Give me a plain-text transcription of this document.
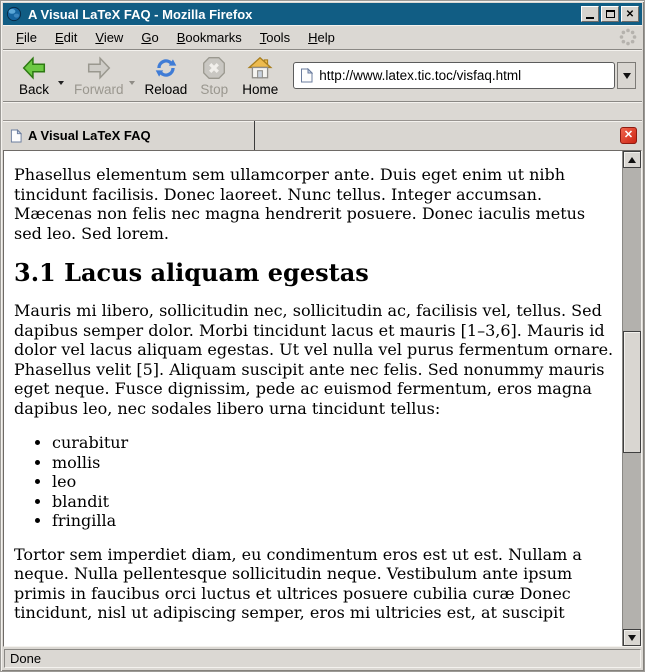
A Visual LaTeX FAQ - Mozilla Firefox	✕
File	Edit	View	Go	Bookmarks	Tools	Help
Back Forward Reload Stop Home
http://www.latex.tic.toc/visfaq.html
A Visual LaTeX FAQ	✕

Phasellus elementum sem ullamcorper ante. Duis eget enim ut nibh tincidunt facilisis. Donec laoreet. Nunc tellus. Integer accumsan. Mæcenas non felis nec magna hendrerit posuere. Donec iaculis metus sed leo. Sed lorem.

3.1 Lacus aliquam egestas

Mauris mi libero, sollicitudin nec, sollicitudin ac, facilisis vel, tellus. Sed dapibus semper dolor. Morbi tincidunt lacus et mauris [1–3,6]. Mauris id dolor vel lacus aliquam egestas. Ut vel nulla vel purus fermentum ornare. Phasellus velit [5]. Aliquam suscipit ante nec felis. Sed nonummy mauris eget neque. Fusce dignissim, pede ac euismod fermentum, eros magna dapibus leo, nec sodales libero urna tincidunt tellus:

• curabitur
• mollis
• leo
• blandit
• fringilla

Tortor sem imperdiet diam, eu condimentum eros est ut est. Nullam a neque. Nulla pellentesque sollicitudin neque. Vestibulum ante ipsum primis in faucibus orci luctus et ultrices posuere cubilia curæ Donec tincidunt, nisl ut adipiscing semper, eros mi ultricies est, at suscipit

Done
